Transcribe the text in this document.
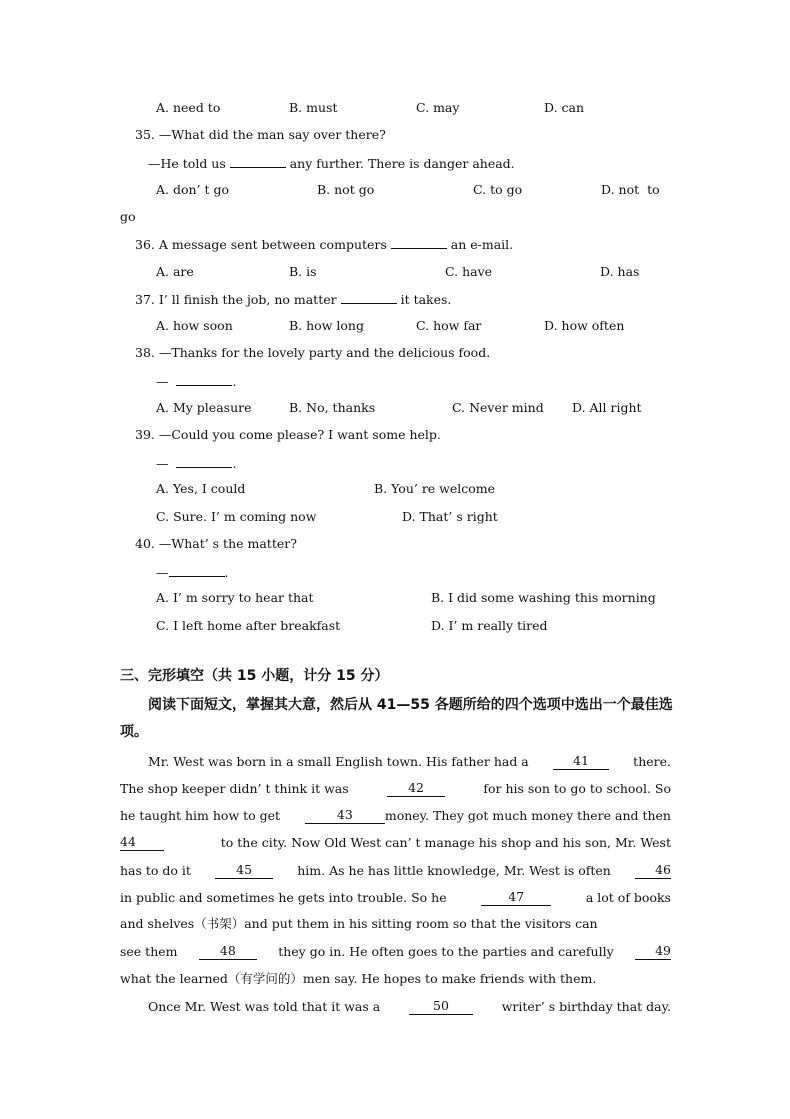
A. need to	B. must	C. may	D. can
35. —What did the man say over there?
—He told us	any further. There is danger ahead.
A. don’ t go	B. not go	C. to go	D. not  to
go
36. A message sent between computers	an e-mail.
A. are	B. is	C. have	D. has
37. I’ ll finish the job, no matter	it takes.
A. how soon	B. how long	C. how far	D. how often
38. —Thanks for the lovely party and the delicious food.
—	.
A. My pleasure	B. No, thanks	C. Never mind D. All right
39. —Could you come please? I want some help.
—	.
A. Yes, I could	B. You’ re welcome
C. Sure. I’ m coming now	D. That’ s right
40. —What’ s the matter?
—	.
A. I’ m sorry to hear that	B. I did some washing this morning
C. I left home after breakfast	D. I’ m really tired
三、完形填空（共 15 小题，计分 15 分）
阅读下面短文，掌握其大意，然后从 41—55 各题所给的四个选项中选出一个最佳选
项。
Mr. West was born in a small English town. His father had a	41	there.
The shop keeper didn’ t think it was	42	for his son to go to school. So
he taught him how to get	43	money. They got much money there and then
44	to the city. Now Old West can’ t manage his shop and his son, Mr. West
has to do it	45	him. As he has little knowledge, Mr. West is often	46
in public and sometimes he gets into trouble. So he	47	a lot of books
and shelves（书架）and put them in his sitting room so that the visitors can
see them	48	they go in. He often goes to the parties and carefully	49
what the learned（有学问的）men say. He hopes to make friends with them.
Once Mr. West was told that it was a	50	writer’ s birthday that day.
